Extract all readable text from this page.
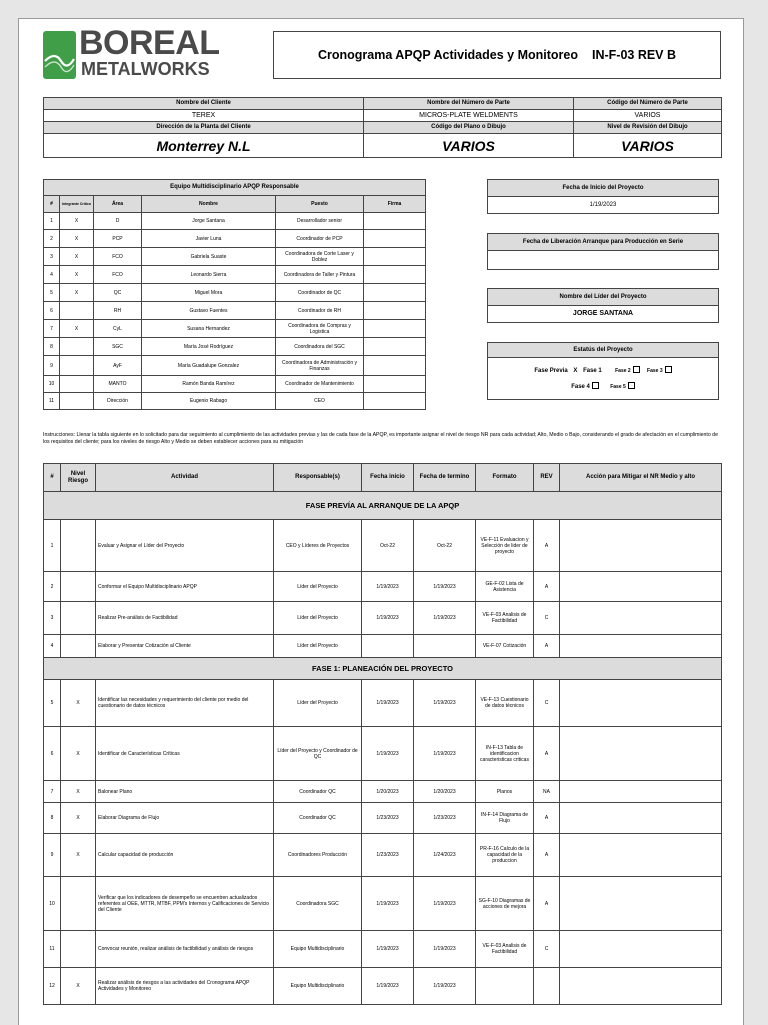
BOREAL
METALWORKS
Cronograma APQP Actividades y Monitoreo IN-F-03 REV B
Nombre del Cliente	Nombre del Número de Parte	Código del Número de Parte
TEREX	MICROS-PLATE WELDMENTS	VARIOS
Dirección de la Planta del Cliente	Código del Plano o Dibujo	Nivel de Revisión del Dibujo
Monterrey N.L	VARIOS	VARIOS
Equipo Multidisciplinario APQP Responsable					
#	Integrante Crítico	Área	Nombre	Puesto	Firma
1	X	D	Jorge Santana	Desarrollador senior	
2	X	PCP	Javier Luna	Coordinador de PCP	
3	X	FCO	Gabriela Suaste	Coordinadora de Corte Laser y Doblez	
4	X	FCO	Leonardo Sierra	Coordinadora de Taller y Pintura	
5	X	QC	Miguel Mora	Coordinador de QC	
6		RH	Gustavo Fuentes	Coordinador de RH	
7	X	CyL	Susana Hernandez	Coordinadora de Compras y Logistica	
8		SGC	María José Rodríguez	Coordinadora del SGC	
9		AyF	María Guadalupe Gonzalez	Coordinadora de Administración y Finanzas	
10		MANTO	Ramón Banda Ramírez	Coordinador de Mantenimiento	
11		Dirección	Eugenio Rabago	CEO	
Fecha de Inicio del Proyecto
1/19/2023
Fecha de Liberación Arranque para Producción en Serie

Nombre del Líder del Proyecto
JORGE SANTANA
Estatús del Proyecto

Fase Previa X Fase 1	Fase 2	Fase 3
Fase 4	Fase 5
Instrucciones: Llenar la tabla siguiente en lo solicitado para dar seguimiento al cumplimiento de las actividades previas y las de cada fase de la APQP, es importante asignar el nivel de riesgo NR para cada actividad; Alto, Medio o Bajo, considerando el grado de afectación en el cumplimiento de los requisitos del cliente; para los niveles de riesgo Alto y Medio se deben establecer acciones para su mitigación
#	Nivel Riesgo	Actividad	Responsable(s)	Fecha inicio	Fecha de termino	Formato	REV	Acción para Mitigar el NR Medio y alto
FASE PREVÍA AL ARRANQUE DE LA APQP								
1		Evaluar y Asignar el Líder del Proyecto	CEO y Líderes de Proyectos	Oct-22	Oct-22	VE-F-11 Evaluacion y Selección de lider de proyecto	A	
2		Conformar el Equipo Multidisciplinario APQP	Líder del Proyecto	1/19/2023	1/19/2023	GE-F-02 Lista de Asistencia	A	
3		Realizar Pre-análisis de Factibilidad	Líder del Proyecto	1/19/2023	1/19/2023	VE-F-03 Analisis de Factibilidad	C	
4		Elaborar y Presentar Cotización al Cliente	Líder del Proyecto			VE-F-07 Cotización	A	
FASE 1: PLANEACIÓN DEL PROYECTO								
5	X	Identificar las necesidades y requerimiento del cliente por medio del cuestionario de datos técnicos	Líder del Proyecto	1/19/2023	1/19/2023	VE-F-13 Cuestionario de datos técnicos	C	
6	X	Identificar de Características Críticas	Líder del Proyecto y Coordinador de QC	1/19/2023	1/19/2023	IN-F-13 Tabla de identificacion caracteristicas criticas	A	
7	X	Balonear Plano	Coordinador QC	1/20/2023	1/20/2023	Planos	NA	
8	X	Elaborar Diagrama de Flujo	Coordinador QC	1/23/2023	1/23/2023	IN-F-14 Diagrama de Flujo	A	
9	X	Calcular capacidad de producción	Coordinadores Producción	1/23/2023	1/24/2023	PR-F-16 Calculo de la capacidad de la produccion	A	
10		Verificar que los indicadores de desempeño se encuentren actualizados referentes al OEE, MTTR, MTBF, PPM's Internos y Calificaciones de Servicio del Cliente	Coordinadora SGC	1/19/2023	1/19/2023	SG-F-10 Diagramas de acciones de mejora	A	
11		Convocar reunión, realizar análisis de factibilidad y análisis de riesgos	Equipo Multidisciplinario	1/19/2023	1/19/2023	VE-F-03 Analisis de Factibilidad	C	
12	X	Realizar análisis de riesgos a las actividades del Cronograma APQP Actividades y Monitoreo	Equipo Multidisciplinario	1/19/2023	1/19/2023			
